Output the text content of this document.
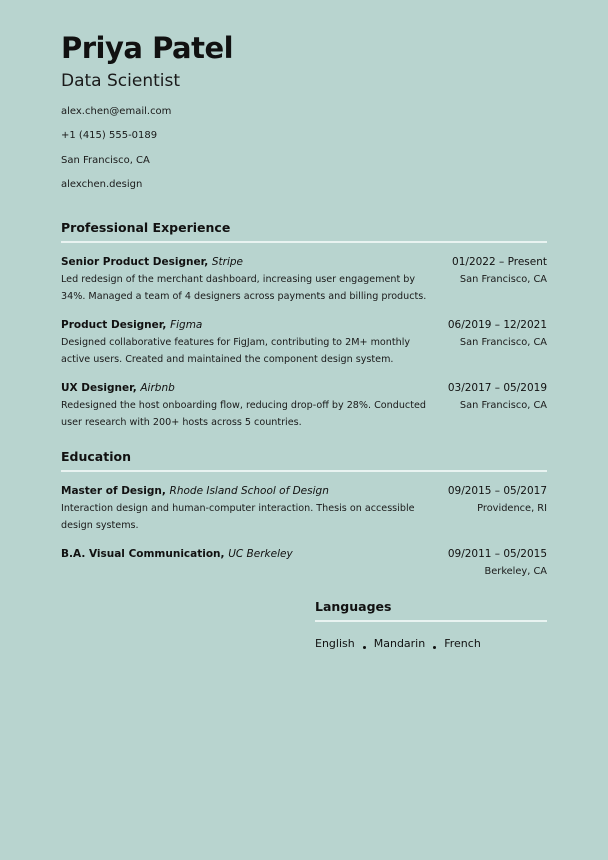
Priya Patel
Data Scientist
alex.chen@email.com
+1 (415) 555-0189
San Francisco, CA
alexchen.design
Professional Experience
Senior Product Designer, Stripe	01/2022 – Present
Led redesign of the merchant dashboard, increasing user engagement by 34%. Managed a team of 4 designers across payments and billing products.
San Francisco, CA
Product Designer, Figma	06/2019 – 12/2021
Designed collaborative features for FigJam, contributing to 2M+ monthly active users. Created and maintained the component design system.
San Francisco, CA
UX Designer, Airbnb	03/2017 – 05/2019
Redesigned the host onboarding flow, reducing drop-off by 28%. Conducted user research with 200+ hosts across 5 countries.
San Francisco, CA
Education
Master of Design, Rhode Island School of Design	09/2015 – 05/2017
Interaction design and human-computer interaction. Thesis on accessible design systems.
Providence, RI
B.A. Visual Communication, UC Berkeley	09/2011 – 05/2015
Berkeley, CA
Languages
English Mandarin French
